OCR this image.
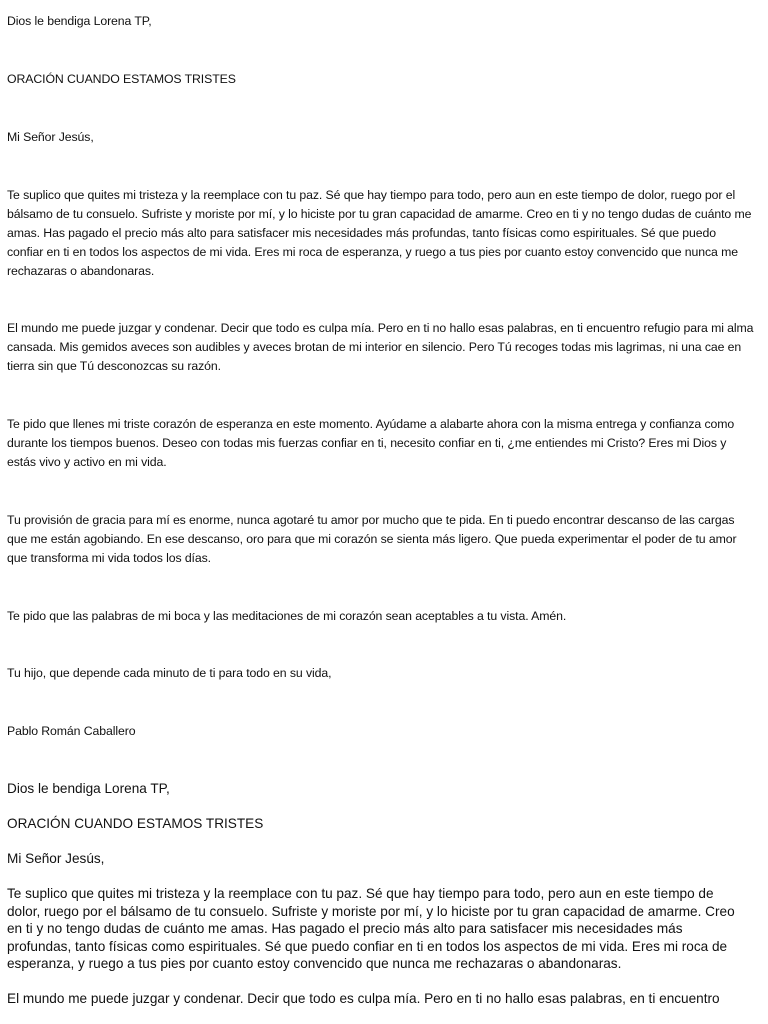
Dios le bendiga Lorena TP,

ORACIÓN CUANDO ESTAMOS TRISTES

Mi Señor Jesús,

Te suplico que quites mi tristeza y la reemplace con tu paz. Sé que hay tiempo para todo, pero aun en este tiempo de dolor, ruego por el bálsamo de tu consuelo. Sufriste y moriste por mí, y lo hiciste por tu gran capacidad de amarme. Creo en ti y no tengo dudas de cuánto me amas. Has pagado el precio más alto para satisfacer mis necesidades más profundas, tanto físicas como espirituales. Sé que puedo confiar en ti en todos los aspectos de mi vida. Eres mi roca de esperanza, y ruego a tus pies por cuanto estoy convencido que nunca me rechazaras o abandonaras.

El mundo me puede juzgar y condenar. Decir que todo es culpa mía. Pero en ti no hallo esas palabras, en ti encuentro refugio para mi alma cansada. Mis gemidos aveces son audibles y aveces brotan de mi interior en silencio. Pero Tú recoges todas mis lagrimas, ni una cae en tierra sin que Tú desconozcas su razón.

Te pido que llenes mi triste corazón de esperanza en este momento. Ayúdame a alabarte ahora con la misma entrega y confianza como durante los tiempos buenos. Deseo con todas mis fuerzas confiar en ti, necesito confiar en ti, ¿me entiendes mi Cristo? Eres mi Dios y estás vivo y activo en mi vida.

Tu provisión de gracia para mí es enorme, nunca agotaré tu amor por mucho que te pida. En ti puedo encontrar descanso de las cargas que me están agobiando. En ese descanso, oro para que mi corazón se sienta más ligero. Que pueda experimentar el poder de tu amor que transforma mi vida todos los días.

Te pido que las palabras de mi boca y las meditaciones de mi corazón sean aceptables a tu vista. Amén.

Tu hijo, que depende cada minuto de ti para todo en su vida,

Pablo Román Caballero

Dios le bendiga Lorena TP,

ORACIÓN CUANDO ESTAMOS TRISTES

Mi Señor Jesús,

Te suplico que quites mi tristeza y la reemplace con tu paz. Sé que hay tiempo para todo, pero aun en este tiempo de dolor, ruego por el bálsamo de tu consuelo. Sufriste y moriste por mí, y lo hiciste por tu gran capacidad de amarme. Creo en ti y no tengo dudas de cuánto me amas. Has pagado el precio más alto para satisfacer mis necesidades más profundas, tanto físicas como espirituales. Sé que puedo confiar en ti en todos los aspectos de mi vida. Eres mi roca de esperanza, y ruego a tus pies por cuanto estoy convencido que nunca me rechazaras o abandonaras.

El mundo me puede juzgar y condenar. Decir que todo es culpa mía. Pero en ti no hallo esas palabras, en ti encuentro
